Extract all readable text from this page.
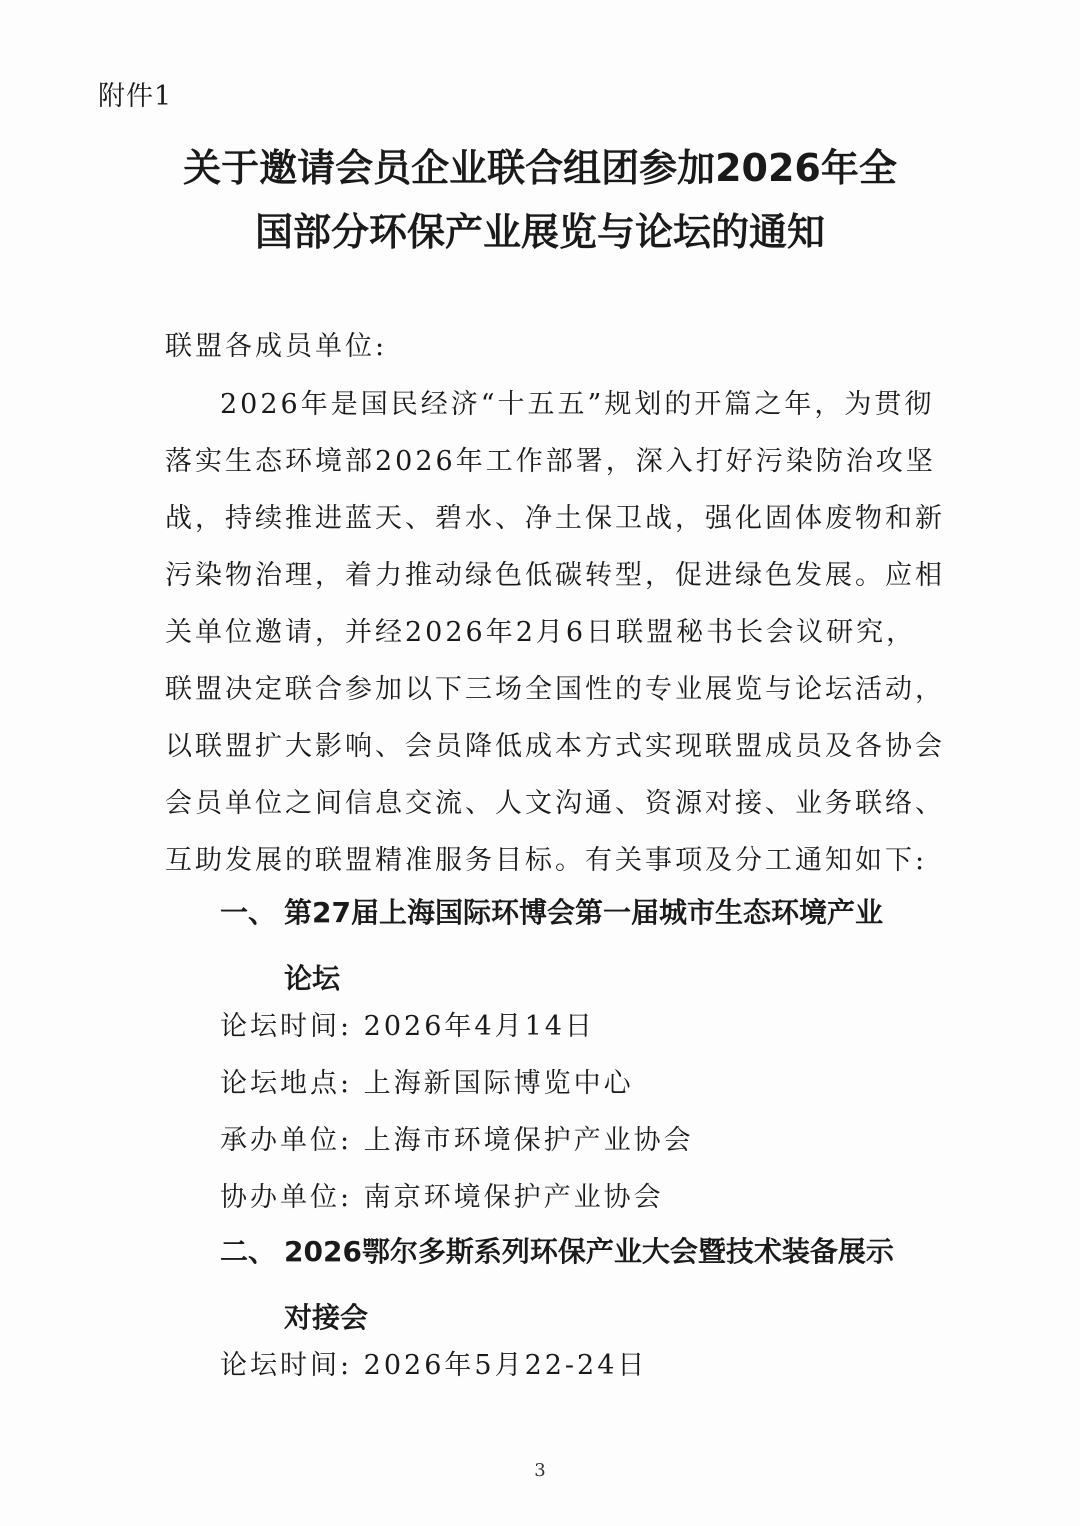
附件1
关于邀请会员企业联合组团参加2026年全
国部分环保产业展览与论坛的通知
联盟各成员单位:
2026年是国民经济“十五五”规划的开篇之年，为贯彻
落实生态环境部2026年工作部署，深入打好污染防治攻坚
战，持续推进蓝天、碧水、净土保卫战，强化固体废物和新
污染物治理，着力推动绿色低碳转型，促进绿色发展。应相
关单位邀请，并经2026年2月6日联盟秘书长会议研究，
联盟决定联合参加以下三场全国性的专业展览与论坛活动，
以联盟扩大影响、会员降低成本方式实现联盟成员及各协会
会员单位之间信息交流、人文沟通、资源对接、业务联络、
互助发展的联盟精准服务目标。有关事项及分工通知如下:
一、 第27届上海国际环博会第一届城市生态环境产业
论坛
论坛时间: 2026年4月14日
论坛地点: 上海新国际博览中心
承办单位: 上海市环境保护产业协会
协办单位: 南京环境保护产业协会
二、 2026鄂尔多斯系列环保产业大会暨技术装备展示
对接会
论坛时间: 2026年5月22-24日
3
